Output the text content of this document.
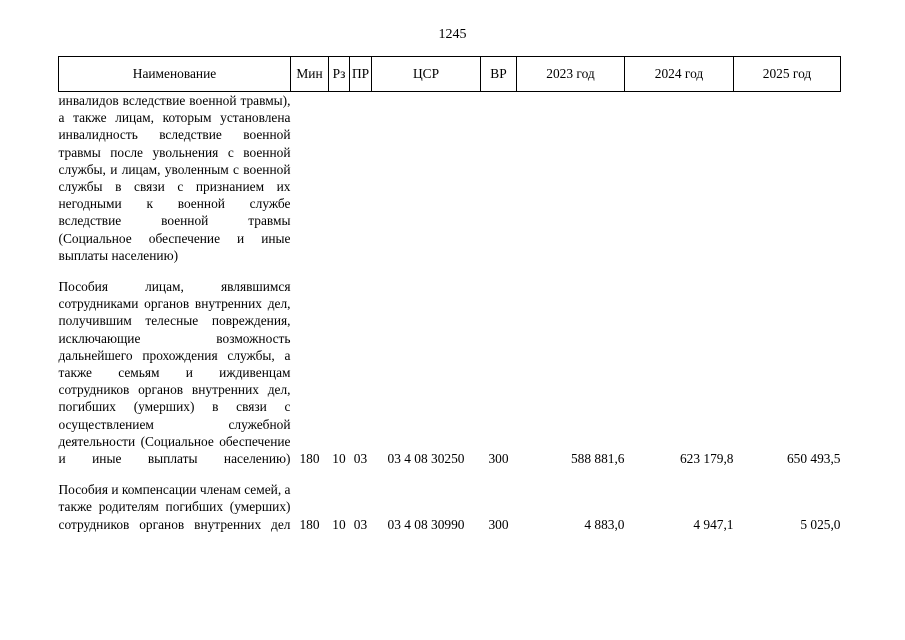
1245
Наименование	Мин	Рз	ПР	ЦСР	ВР	2023 год	2024 год	2025 год
инвалидов вследствие военной травмы), а также лицам, которым установлена инвалидность вследствие военной травмы после увольнения с военной службы, и лицам, уволенным с военной службы в связи с признанием их негодными к военной службе вследствие военной травмы (Социальное обеспечение и иные выплаты населению)								

Пособия лицам, являвшимся сотрудниками органов внутренних дел, получившим телесные повреждения, исключающие возможность дальнейшего прохождения службы, а также семьям и иждивенцам сотрудников органов внутренних дел, погибших (умерших) в связи с осуществлением служебной деятельности (Социальное обеспечение и иные выплаты населению)	180	10	03	03 4 08 30250	300	588 881,6	623 179,8	650 493,5

Пособия и компенсации членам семей, а также родителям погибших (умерших) сотрудников органов внутренних дел	180	10	03	03 4 08 30990	300	4 883,0	4 947,1	5 025,0
